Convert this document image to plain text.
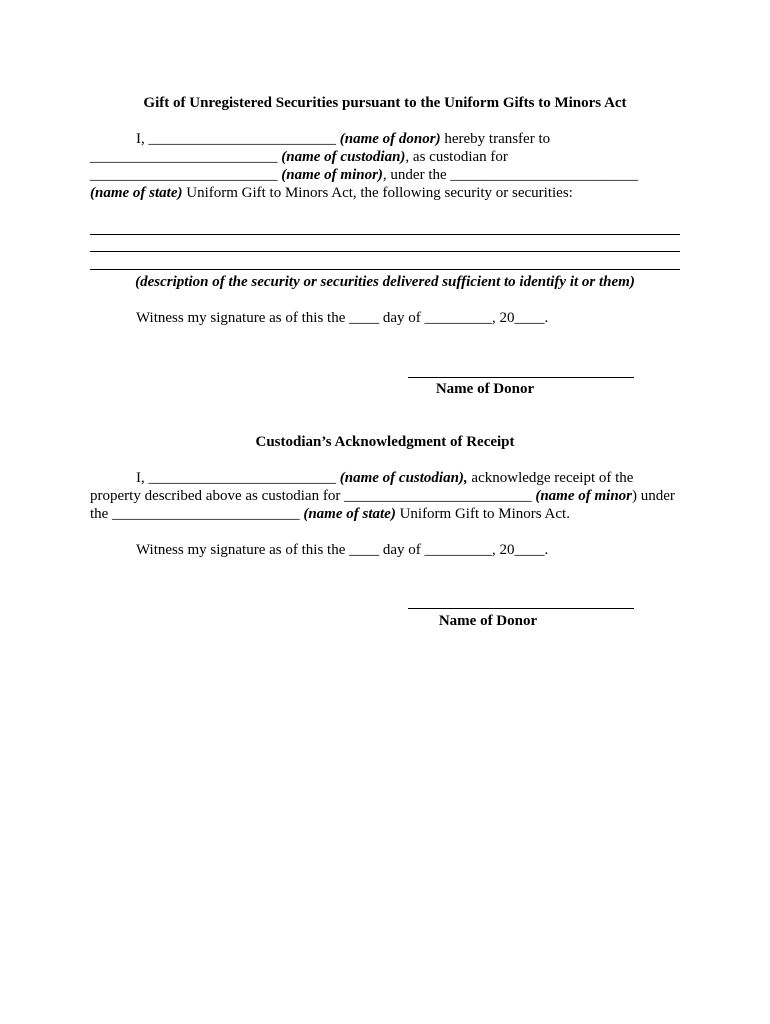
Gift of Unregistered Securities pursuant to the Uniform Gifts to Minors Act
I, _________________________ (name of donor) hereby transfer to
_________________________ (name of custodian), as custodian for
_________________________ (name of minor), under the _________________________
(name of state) Uniform Gift to Minors Act, the following security or securities:
(description of the security or securities delivered sufficient to identify it or them)
Witness my signature as of this the ____ day of _________, 20____.
Name of Donor
Custodian’s Acknowledgment of Receipt
I, _________________________ (name of custodian), acknowledge receipt of the
property described above as custodian for _________________________ (name of minor) under
the _________________________ (name of state) Uniform Gift to Minors Act.
Witness my signature as of this the ____ day of _________, 20____.
Name of Donor
